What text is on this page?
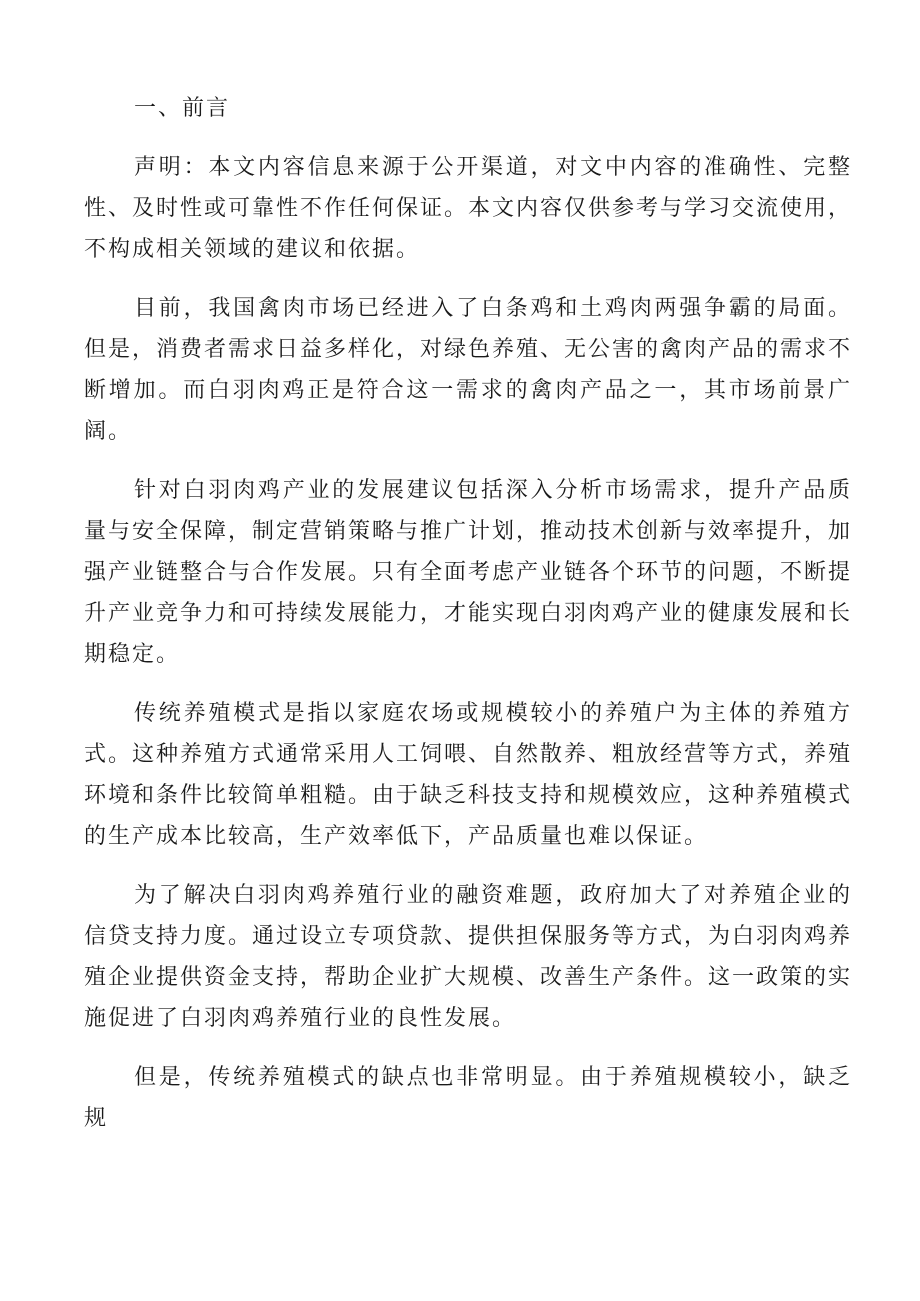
一、前言

声明：本文内容信息来源于公开渠道，对文中内容的准确性、完整性、及时性或可靠性不作任何保证。本文内容仅供参考与学习交流使用，不构成相关领域的建议和依据。

目前，我国禽肉市场已经进入了白条鸡和土鸡肉两强争霸的局面。但是，消费者需求日益多样化，对绿色养殖、无公害的禽肉产品的需求不断增加。而白羽肉鸡正是符合这一需求的禽肉产品之一，其市场前景广阔。

针对白羽肉鸡产业的发展建议包括深入分析市场需求，提升产品质量与安全保障，制定营销策略与推广计划，推动技术创新与效率提升，加强产业链整合与合作发展。只有全面考虑产业链各个环节的问题，不断提升产业竞争力和可持续发展能力，才能实现白羽肉鸡产业的健康发展和长期稳定。

传统养殖模式是指以家庭农场或规模较小的养殖户为主体的养殖方式。这种养殖方式通常采用人工饲喂、自然散养、粗放经营等方式，养殖环境和条件比较简单粗糙。由于缺乏科技支持和规模效应，这种养殖模式的生产成本比较高，生产效率低下，产品质量也难以保证。

为了解决白羽肉鸡养殖行业的融资难题，政府加大了对养殖企业的信贷支持力度。通过设立专项贷款、提供担保服务等方式，为白羽肉鸡养殖企业提供资金支持，帮助企业扩大规模、改善生产条件。这一政策的实施促进了白羽肉鸡养殖行业的良性发展。

但是，传统养殖模式的缺点也非常明显。由于养殖规模较小，缺乏规
